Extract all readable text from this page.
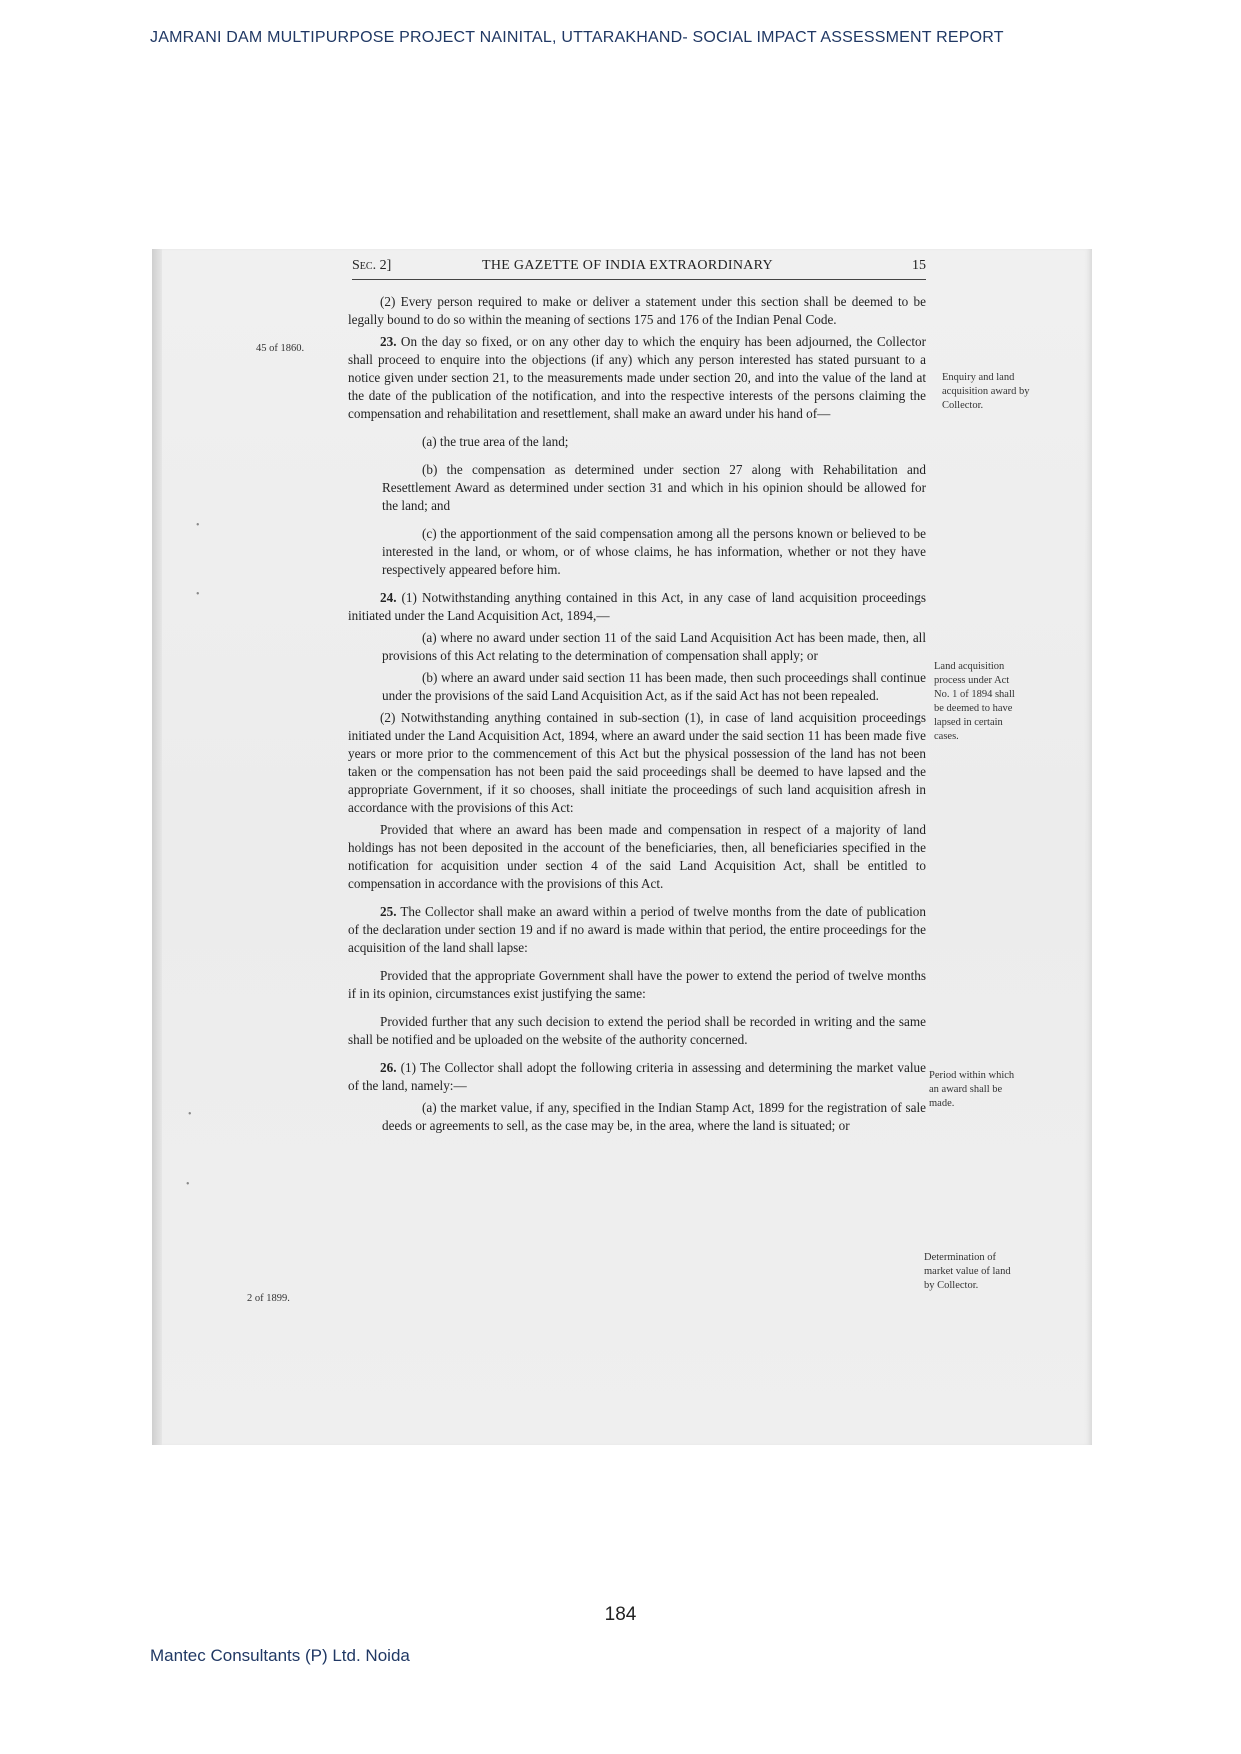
JAMRANI DAM MULTIPURPOSE PROJECT NAINITAL, UTTARAKHAND- SOCIAL IMPACT ASSESSMENT REPORT
Sec. 2]	THE GAZETTE OF INDIA EXTRAORDINARY	15

(2) Every person required to make or deliver a statement under this section shall be deemed to be legally bound to do so within the meaning of sections 175 and 176 of the Indian Penal Code.

23. On the day so fixed, or on any other day to which the enquiry has been adjourned, the Collector shall proceed to enquire into the objections (if any) which any person interested has stated pursuant to a notice given under section 21, to the measurements made under section 20, and into the value of the land at the date of the publication of the notification, and into the respective interests of the persons claiming the compensation and rehabilitation and resettlement, shall make an award under his hand of—

(a) the true area of the land;

(b) the compensation as determined under section 27 along with Rehabilitation and Resettlement Award as determined under section 31 and which in his opinion should be allowed for the land; and

(c) the apportionment of the said compensation among all the persons known or believed to be interested in the land, or whom, or of whose claims, he has information, whether or not they have respectively appeared before him.

24. (1) Notwithstanding anything contained in this Act, in any case of land acquisition proceedings initiated under the Land Acquisition Act, 1894,—

(a) where no award under section 11 of the said Land Acquisition Act has been made, then, all provisions of this Act relating to the determination of compensation shall apply; or

(b) where an award under said section 11 has been made, then such proceedings shall continue under the provisions of the said Land Acquisition Act, as if the said Act has not been repealed.

(2) Notwithstanding anything contained in sub-section (1), in case of land acquisition proceedings initiated under the Land Acquisition Act, 1894, where an award under the said section 11 has been made five years or more prior to the commencement of this Act but the physical possession of the land has not been taken or the compensation has not been paid the said proceedings shall be deemed to have lapsed and the appropriate Government, if it so chooses, shall initiate the proceedings of such land acquisition afresh in accordance with the provisions of this Act:

Provided that where an award has been made and compensation in respect of a majority of land holdings has not been deposited in the account of the beneficiaries, then, all beneficiaries specified in the notification for acquisition under section 4 of the said Land Acquisition Act, shall be entitled to compensation in accordance with the provisions of this Act.

25. The Collector shall make an award within a period of twelve months from the date of publication of the declaration under section 19 and if no award is made within that period, the entire proceedings for the acquisition of the land shall lapse:

Provided that the appropriate Government shall have the power to extend the period of twelve months if in its opinion, circumstances exist justifying the same:

Provided further that any such decision to extend the period shall be recorded in writing and the same shall be notified and be uploaded on the website of the authority concerned.

26. (1) The Collector shall adopt the following criteria in assessing and determining the market value of the land, namely:—

(a) the market value, if any, specified in the Indian Stamp Act, 1899 for the registration of sale deeds or agreements to sell, as the case may be, in the area, where the land is situated; or

45 of 1860.
2 of 1899.
Enquiry and land acquisition award by Collector.
Land acquisition process under Act No. 1 of 1894 shall be deemed to have lapsed in certain cases.
Period within which an award shall be made.
Determination of market value of land by Collector.
•
•
•
•
184
Mantec Consultants (P) Ltd. Noida
